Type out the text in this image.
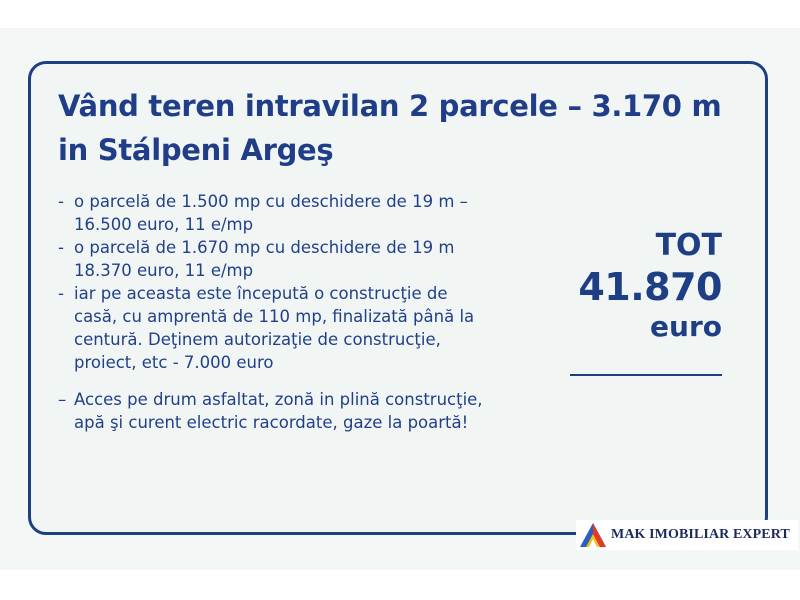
Vând teren intravilan 2 parcele – 3.170 m
in Stálpeni Argeş
- o parcelă de 1.500 mp cu deschidere de 19 m –
16.500 euro, 11 e/mp
- o parcelă de 1.670 mp cu deschidere de 19 m
18.370 euro, 11 e/mp
- iar pe aceasta este începută o construcţie de
casă, cu amprentă de 110 mp, finalizată până la
centură. Deţinem autorizaţie de construcţie,
proiect, etc - 7.000 euro
– Acces pe drum asfaltat, zonă in plină construcţie,
apă şi curent electric racordate, gaze la poartă!
TOT
41.870
euro
MAK IMOBILIAR EXPERT
